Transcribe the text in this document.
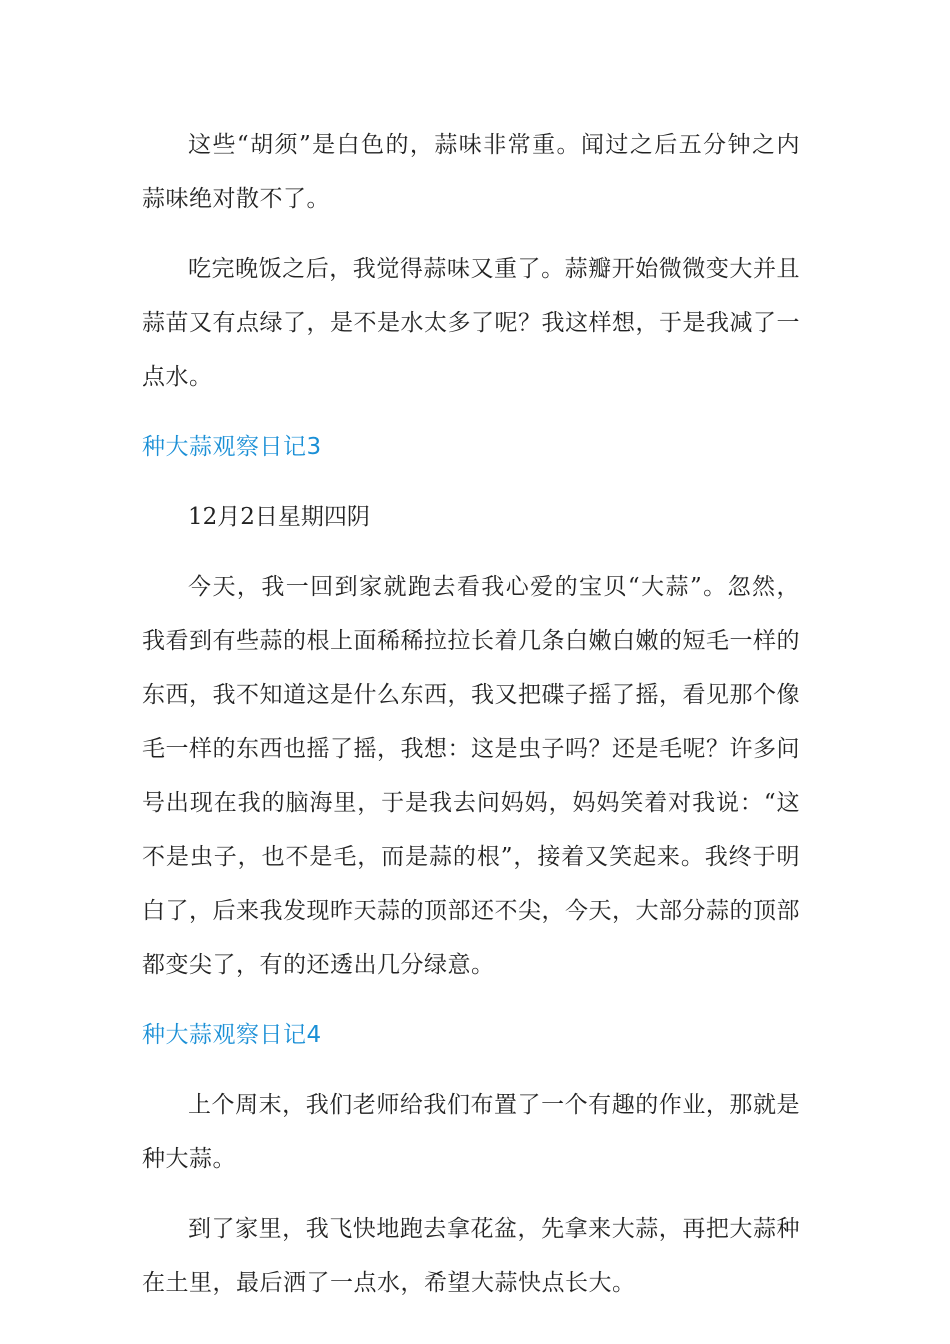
这些“胡须”是白色的，蒜味非常重。闻过之后五分钟之内蒜味绝对散不了。

吃完晚饭之后，我觉得蒜味又重了。蒜瓣开始微微变大并且蒜苗又有点绿了，是不是水太多了呢？我这样想，于是我减了一点水。

种大蒜观察日记3

12月2日星期四阴

今天，我一回到家就跑去看我心爱的宝贝“大蒜”。忽然，我看到有些蒜的根上面稀稀拉拉长着几条白嫩白嫩的短毛一样的东西，我不知道这是什么东西，我又把碟子摇了摇，看见那个像毛一样的东西也摇了摇，我想：这是虫子吗？还是毛呢？许多问号出现在我的脑海里，于是我去问妈妈，妈妈笑着对我说：“这不是虫子，也不是毛，而是蒜的根”，接着又笑起来。我终于明白了，后来我发现昨天蒜的顶部还不尖，今天，大部分蒜的顶部都变尖了，有的还透出几分绿意。

种大蒜观察日记4

上个周末，我们老师给我们布置了一个有趣的作业，那就是种大蒜。

到了家里，我飞快地跑去拿花盆，先拿来大蒜，再把大蒜种在土里，最后洒了一点水，希望大蒜快点长大。
